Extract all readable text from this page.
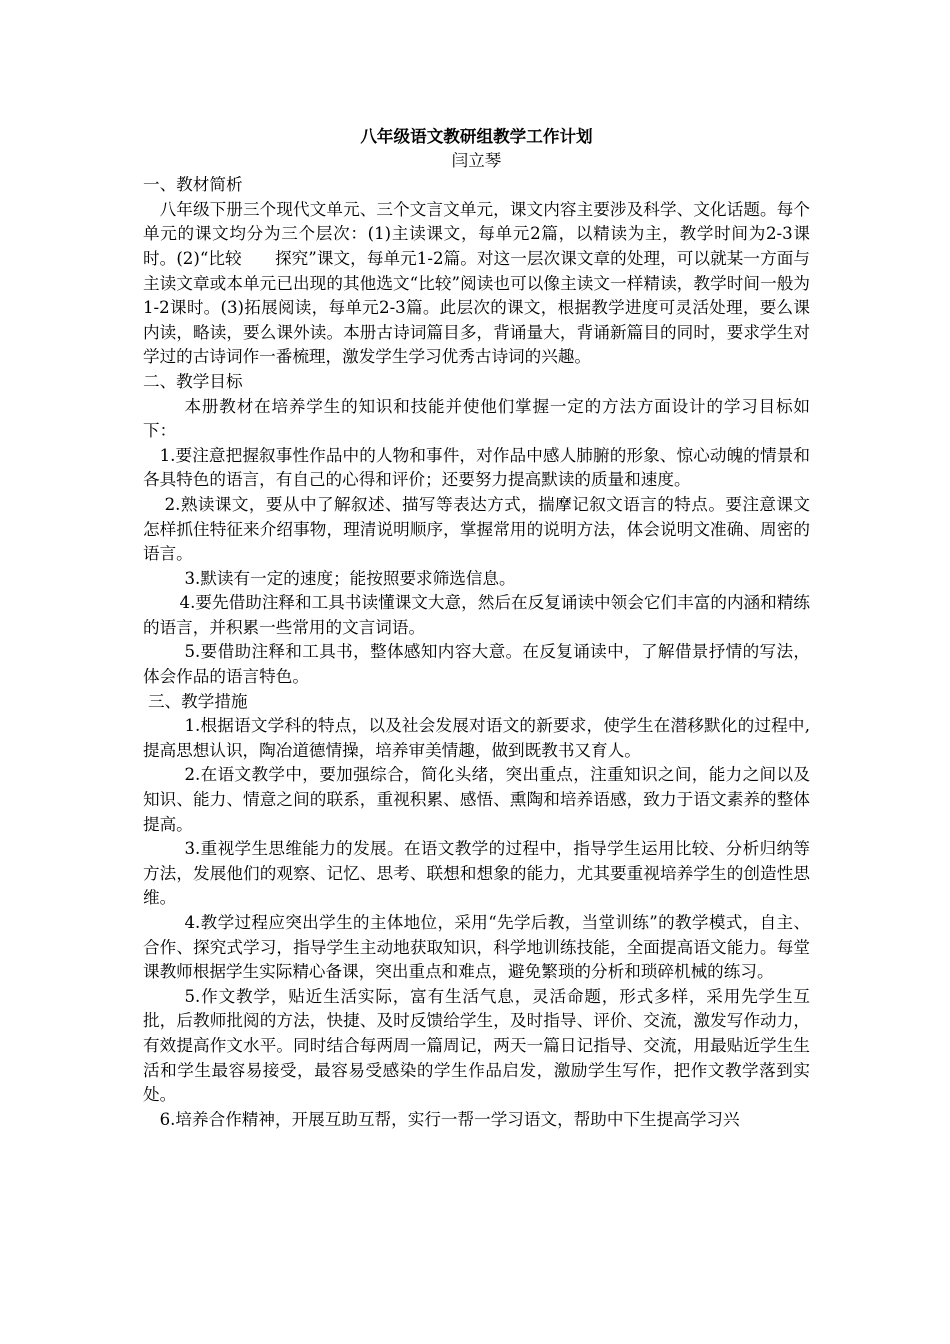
八年级语文教研组教学工作计划

闫立琴

一、教材简析

八年级下册三个现代文单元、三个文言文单元，课文内容主要涉及科学、文化话题。每个单元的课文均分为三个层次：(1)主读课文，每单元2篇，以精读为主，教学时间为2-3课时。(2)“比较　　探究”课文，每单元1-2篇。对这一层次课文章的处理，可以就某一方面与主读文章或本单元已出现的其他选文“比较”阅读也可以像主读文一样精读，教学时间一般为1-2课时。(3)拓展阅读，每单元2-3篇。此层次的课文，根据教学进度可灵活处理，要么课内读，略读，要么课外读。本册古诗词篇目多，背诵量大，背诵新篇目的同时，要求学生对学过的古诗词作一番梳理，激发学生学习优秀古诗词的兴趣。

二、教学目标

本册教材在培养学生的知识和技能并使他们掌握一定的方法方面设计的学习目标如下：

1.要注意把握叙事性作品中的人物和事件，对作品中感人肺腑的形象、惊心动魄的情景和各具特色的语言，有自己的心得和评价；还要努力提高默读的质量和速度。

2.熟读课文，要从中了解叙述、描写等表达方式，揣摩记叙文语言的特点。要注意课文怎样抓住特征来介绍事物，理清说明顺序，掌握常用的说明方法，体会说明文准确、周密的语言。

3.默读有一定的速度；能按照要求筛选信息。

4.要先借助注释和工具书读懂课文大意，然后在反复诵读中领会它们丰富的内涵和精练的语言，并积累一些常用的文言词语。

5.要借助注释和工具书，整体感知内容大意。在反复诵读中，了解借景抒情的写法，体会作品的语言特色。

三、教学措施

1.根据语文学科的特点，以及社会发展对语文的新要求，使学生在潜移默化的过程中,提高思想认识，陶冶道德情操，培养审美情趣，做到既教书又育人。

2.在语文教学中，要加强综合，简化头绪，突出重点，注重知识之间，能力之间以及知识、能力、情意之间的联系，重视积累、感悟、熏陶和培养语感，致力于语文素养的整体提高。

3.重视学生思维能力的发展。在语文教学的过程中，指导学生运用比较、分析归纳等方法，发展他们的观察、记忆、思考、联想和想象的能力，尤其要重视培养学生的创造性思维。

4.教学过程应突出学生的主体地位，采用“先学后教，当堂训练”的教学模式，自主、合作、探究式学习，指导学生主动地获取知识，科学地训练技能，全面提高语文能力。每堂课教师根据学生实际精心备课，突出重点和难点，避免繁琐的分析和琐碎机械的练习。

5.作文教学，贴近生活实际，富有生活气息，灵活命题，形式多样，采用先学生互批，后教师批阅的方法，快捷、及时反馈给学生，及时指导、评价、交流，激发写作动力，有效提高作文水平。同时结合每两周一篇周记，两天一篇日记指导、交流，用最贴近学生生活和学生最容易接受，最容易受感染的学生作品启发，激励学生写作，把作文教学落到实处。

6.培养合作精神，开展互助互帮，实行一帮一学习语文，帮助中下生提高学习兴
